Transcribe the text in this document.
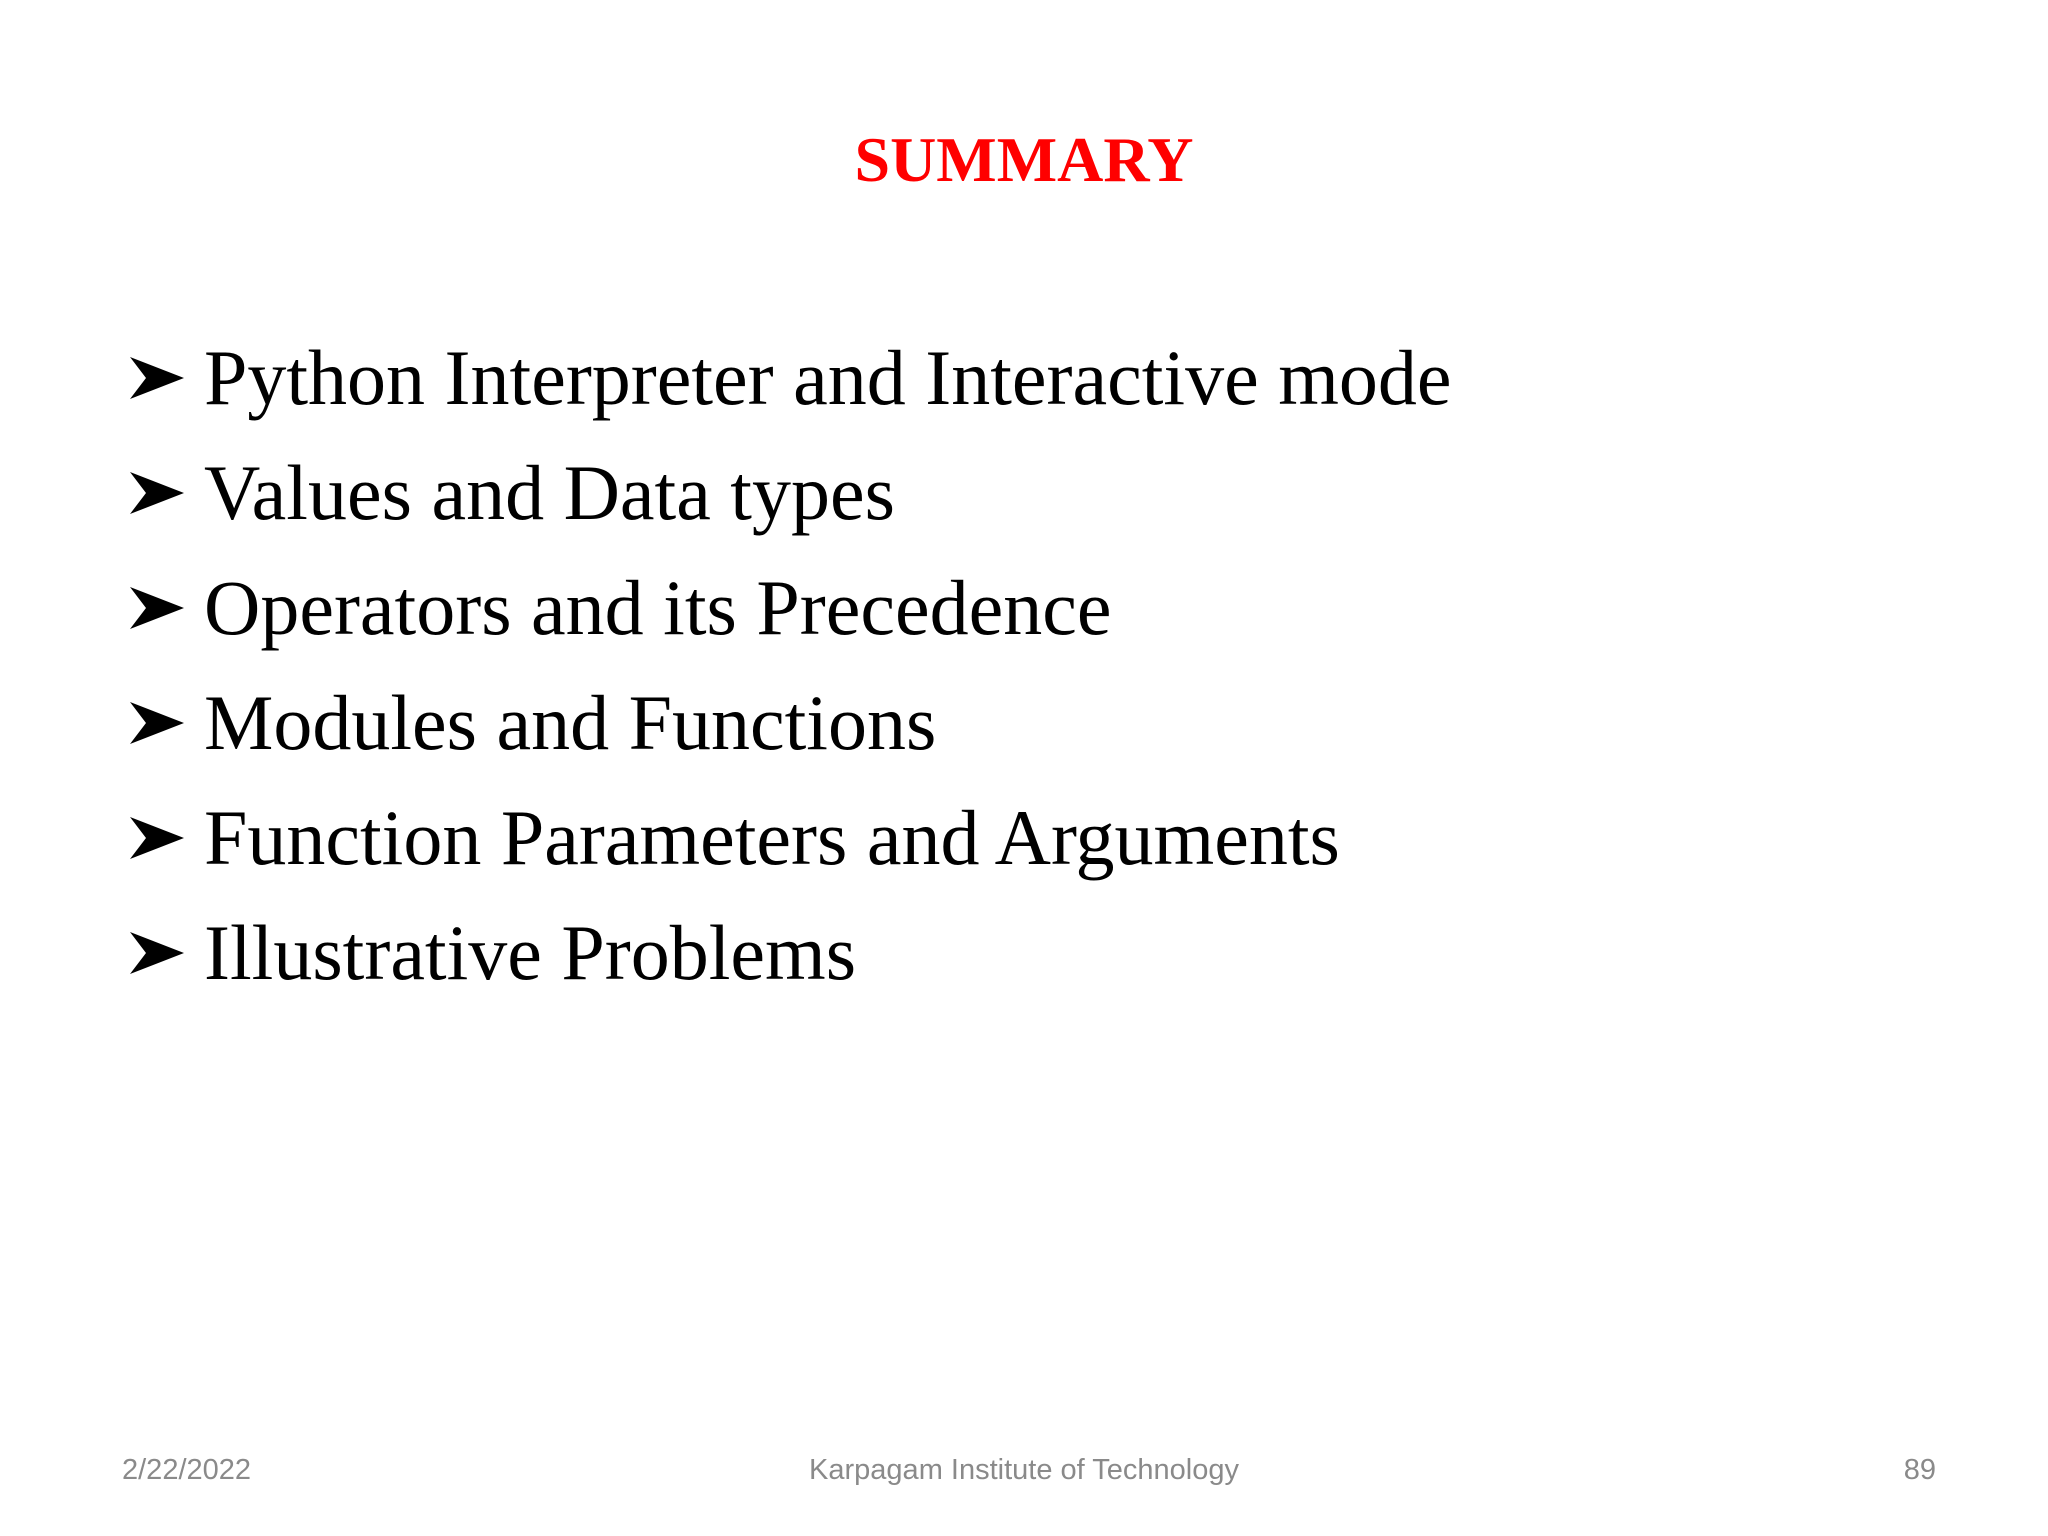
SUMMARY
Python Interpreter and Interactive mode
Values and Data types
Operators and its Precedence
Modules and Functions
Function Parameters and Arguments
Illustrative Problems
2/22/2022	Karpagam Institute of Technology	89
